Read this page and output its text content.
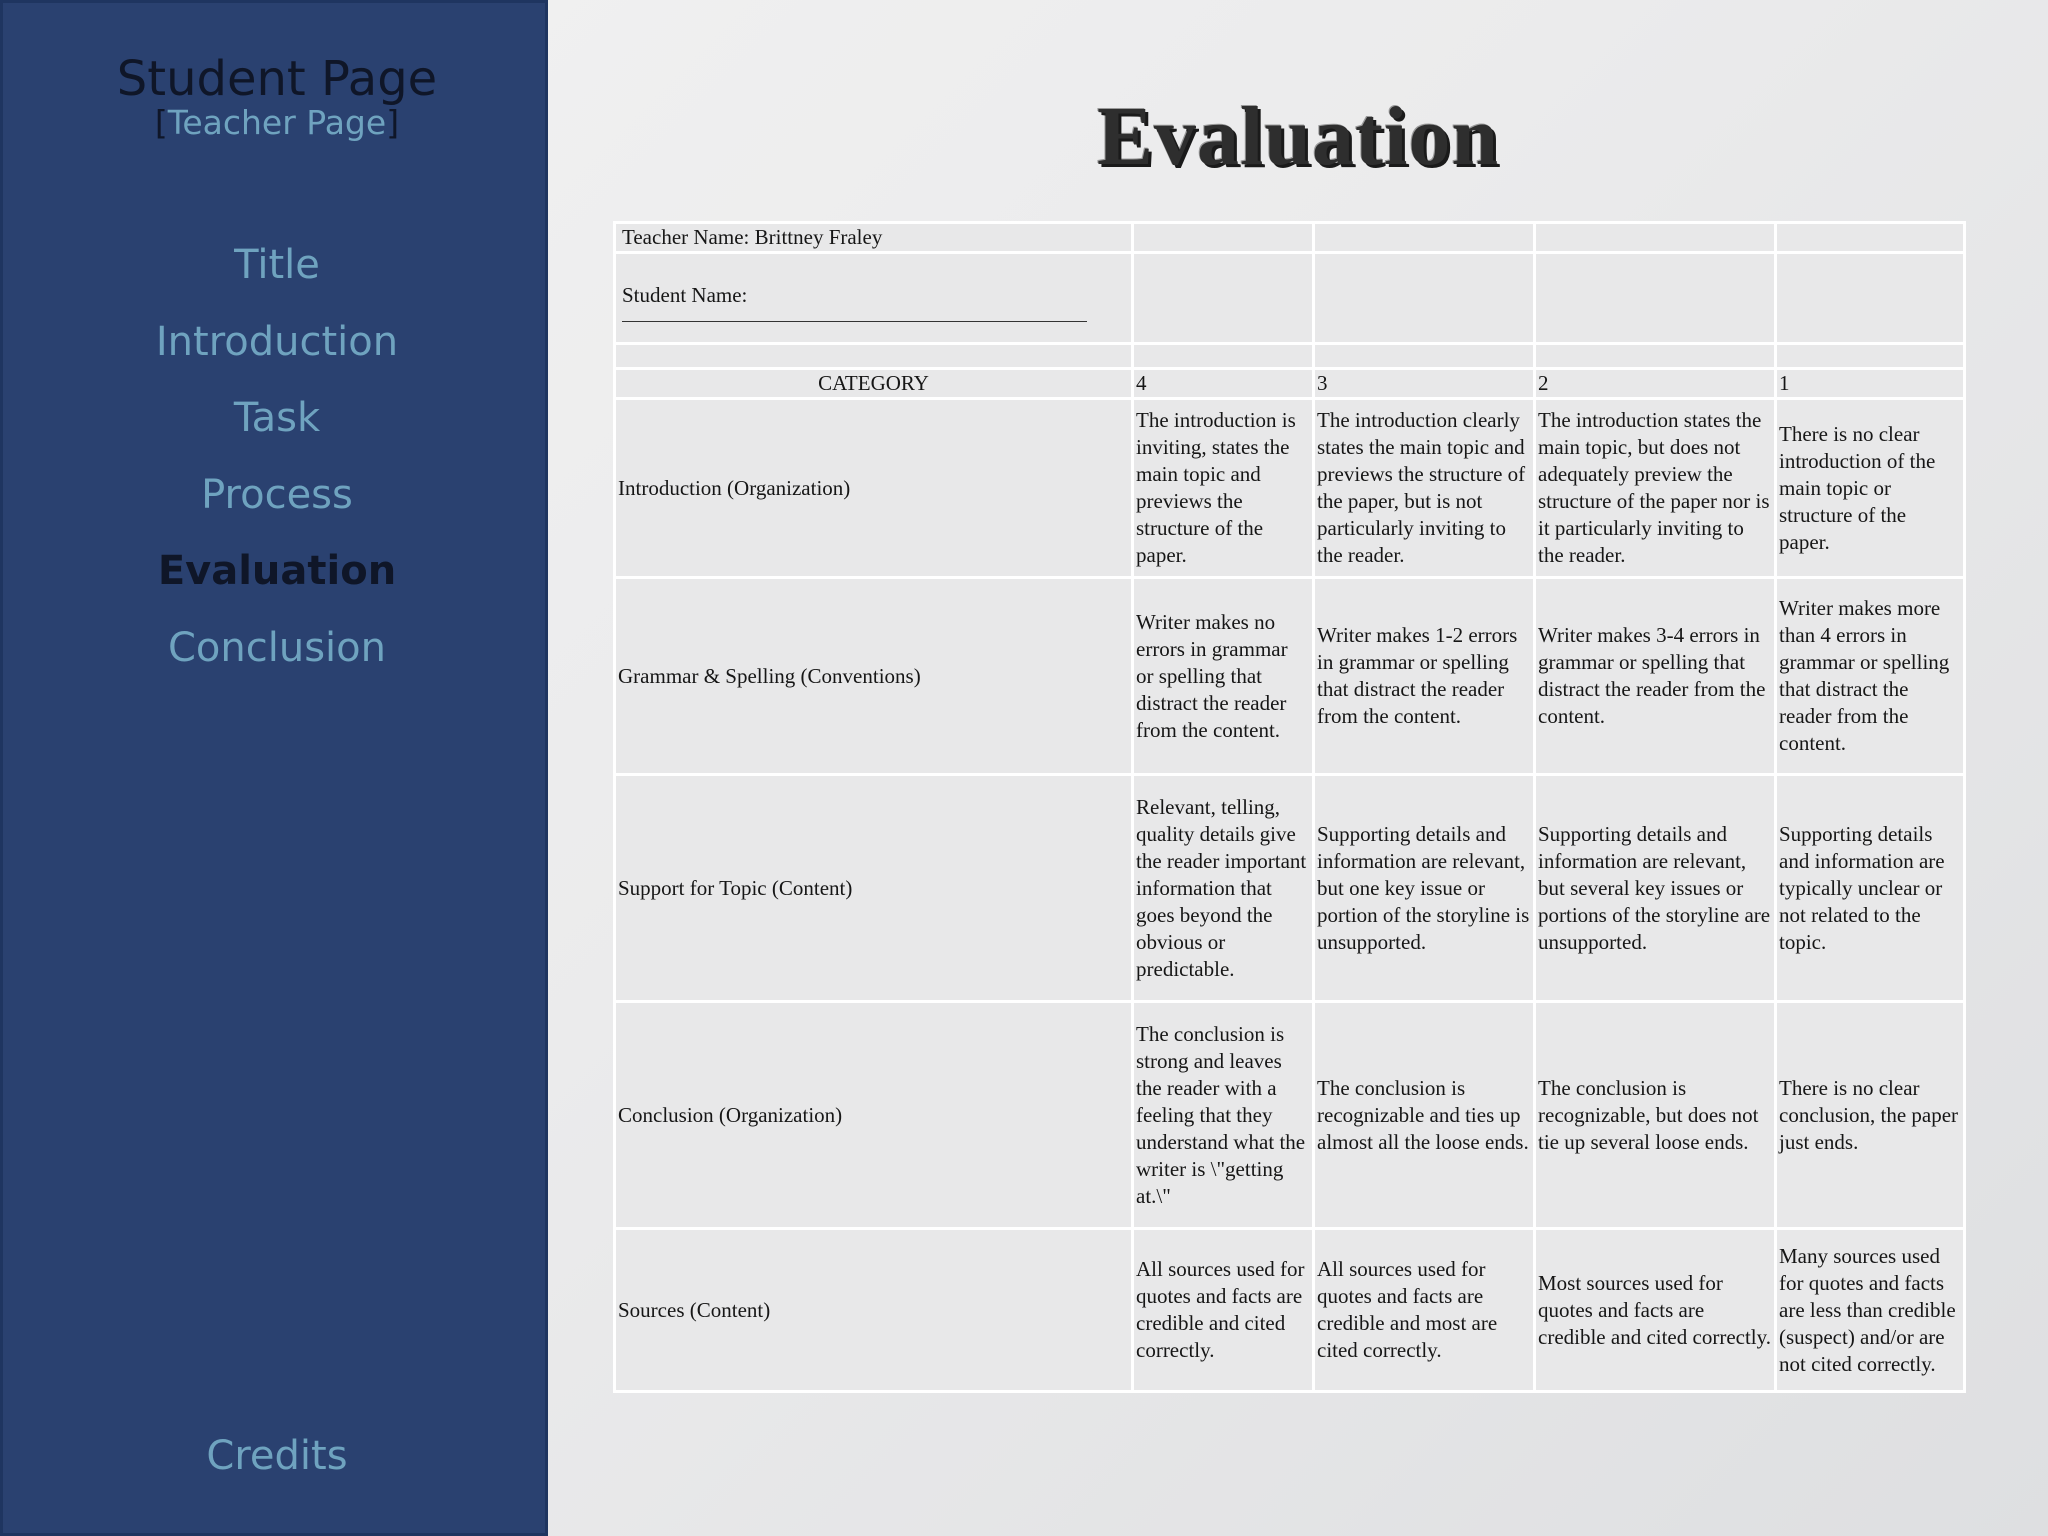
Student Page
[Teacher Page]
Title
Introduction
Task
Process
Evaluation
Conclusion
Credits
Evaluation
Teacher Name: Brittney Fraley				
Student Name:

CATEGORY	4	3	2	1
Introduction (Organization)	The introduction is inviting, states the main topic and previews the structure of the paper.	The introduction clearly states the main topic and previews the structure of the paper, but is not particularly inviting to the reader.	The introduction states the main topic, but does not adequately preview the structure of the paper nor is it particularly inviting to the reader.	There is no clear introduction of the main topic or structure of the paper.
Grammar & Spelling (Conventions)	Writer makes no errors in grammar or spelling that distract the reader from the content.	Writer makes 1-2 errors in grammar or spelling that distract the reader from the content.	Writer makes 3-4 errors in grammar or spelling that distract the reader from the content.	Writer makes more than 4 errors in grammar or spelling that distract the reader from the content.
Support for Topic (Content)	Relevant, telling, quality details give the reader important information that goes beyond the obvious or predictable.	Supporting details and information are relevant, but one key issue or portion of the storyline is unsupported.	Supporting details and information are relevant, but several key issues or portions of the storyline are unsupported.	Supporting details and information are typically unclear or not related to the topic.
Conclusion (Organization)	The conclusion is strong and leaves the reader with a feeling that they understand what the writer is \"getting at.\"	The conclusion is recognizable and ties up almost all the loose ends.	The conclusion is recognizable, but does not tie up several loose ends.	There is no clear conclusion, the paper just ends.
Sources (Content)	All sources used for quotes and facts are credible and cited correctly.	All sources used for quotes and facts are credible and most are cited correctly.	Most sources used for quotes and facts are credible and cited correctly.	Many sources used for quotes and facts are less than credible (suspect) and/or are not cited correctly.
